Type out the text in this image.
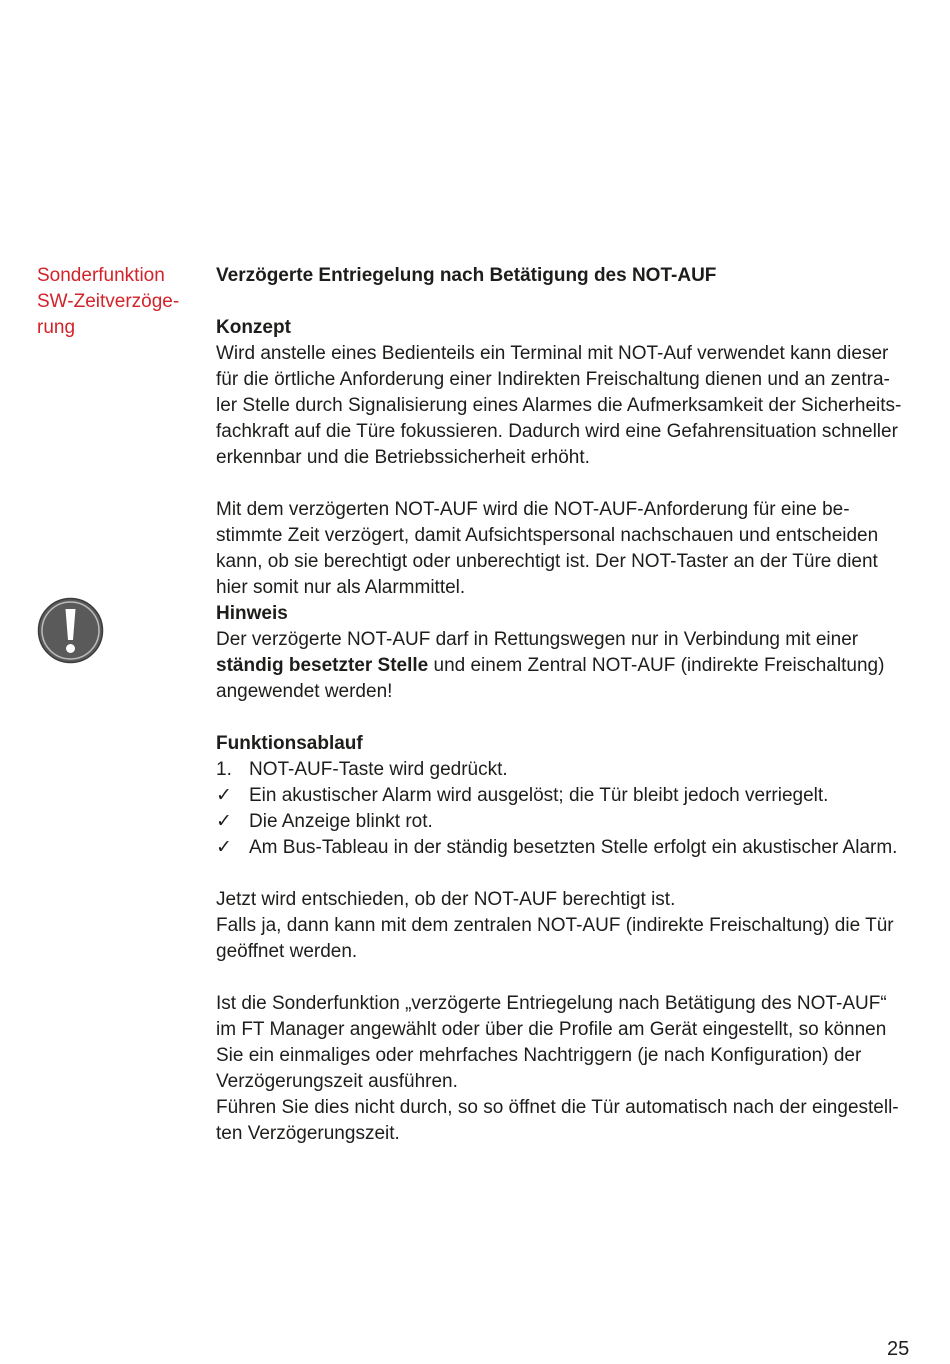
Sonderfunktion
SW-Zeitverzöge-
rung
Verzögerte Entriegelung nach Betätigung des NOT-AUF
Konzept
Wird anstelle eines Bedienteils ein Terminal mit NOT-Auf verwendet kann dieser
für die örtliche Anforderung einer Indirekten Freischaltung dienen und an zentra-
ler Stelle durch Signalisierung eines Alarmes die Aufmerksamkeit der Sicherheits-
fachkraft auf die Türe fokussieren. Dadurch wird eine Gefahrensituation schneller
erkennbar und die Betriebssicherheit erhöht.
Mit dem verzögerten NOT-AUF wird die NOT-AUF-Anforderung für eine be-
stimmte Zeit verzögert, damit Aufsichtspersonal nachschauen und entscheiden
kann, ob sie berechtigt oder unberechtigt ist. Der NOT-Taster an der Türe dient
hier somit nur als Alarmmittel.
Hinweis
Der verzögerte NOT-AUF darf in Rettungswegen nur in Verbindung mit einer
ständig besetzter Stelle und einem Zentral NOT-AUF (indirekte Freischaltung)
angewendet werden!
Funktionsablauf
1. NOT-AUF-Taste wird gedrückt.
✓ Ein akustischer Alarm wird ausgelöst; die Tür bleibt jedoch verriegelt.
✓ Die Anzeige blinkt rot.
✓ Am Bus-Tableau in der ständig besetzten Stelle erfolgt ein akustischer Alarm.
Jetzt wird entschieden, ob der NOT-AUF berechtigt ist.
Falls ja, dann kann mit dem zentralen NOT-AUF (indirekte Freischaltung) die Tür
geöffnet werden.
Ist die Sonderfunktion „verzögerte Entriegelung nach Betätigung des NOT-AUF“
im FT Manager angewählt oder über die Profile am Gerät eingestellt, so können
Sie ein einmaliges oder mehrfaches Nachtriggern (je nach Konfiguration) der
Verzögerungszeit ausführen.
Führen Sie dies nicht durch, so so öffnet die Tür automatisch nach der eingestell-
ten Verzögerungszeit.
25
